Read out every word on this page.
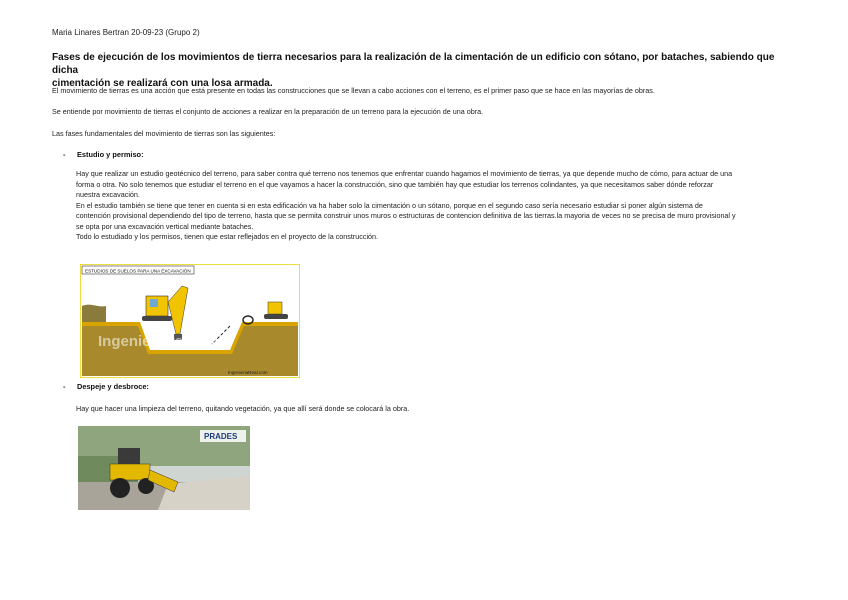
Maria Linares Bertran 20-09-23 (Grupo 2)
Fases de ejecución de los movimientos de tierra necesarios para la realización de la cimentación de un edificio con sótano, por bataches, sabiendo que dicha
cimentación se realizará con una losa armada.
El movimiento de tierras es una acción que está presente en todas las construcciones que se llevan a cabo acciones con el terreno, es el primer paso que se hace en las mayorías de obras.
Se entiende por movimiento de tierras el conjunto de acciones a realizar en la preparación de un terreno para la ejecución de una obra.
Las fases fundamentales del movimiento de tierras son las siguientes:
- Estudio y permiso:
Hay que realizar un estudio geotécnico del terreno, para saber contra qué terreno nos tenemos que enfrentar cuando hagamos el movimiento de tierras, ya que depende mucho de cómo, para actuar de una
forma o otra. No solo tenemos que estudiar el terreno en el que vayamos a hacer la construcción, sino que también hay que estudiar los terrenos colindantes, ya que necesitamos saber dónde reforzar
nuestra excavación.
En el estudio también se tiene que tener en cuenta si en esta edificación va ha haber solo la cimentación o un sótano, porque en el segundo caso sería necesario estudiar si poner algún sistema de
contención provisional dependiendo del tipo de terreno, hasta que se permita construir unos muros o estructuras de contencion definitiva de las tierras.la mayoria de veces no se precisa de muro provisional y
se opta por una excavación vertical mediante bataches.
Todo lo estudiado y los permisos, tienen que estar reflejados en el proyecto de la construcción.
ESTUDIOS DE SUELOS PARA UNA EXCAVACIÓN
Ingenieriareal.com
IngenieriaReal.com
- Despeje y desbroce:
Hay que hacer una limpieza del terreno, quitando vegetación, ya que allí será donde se colocará la obra.
PRADES
